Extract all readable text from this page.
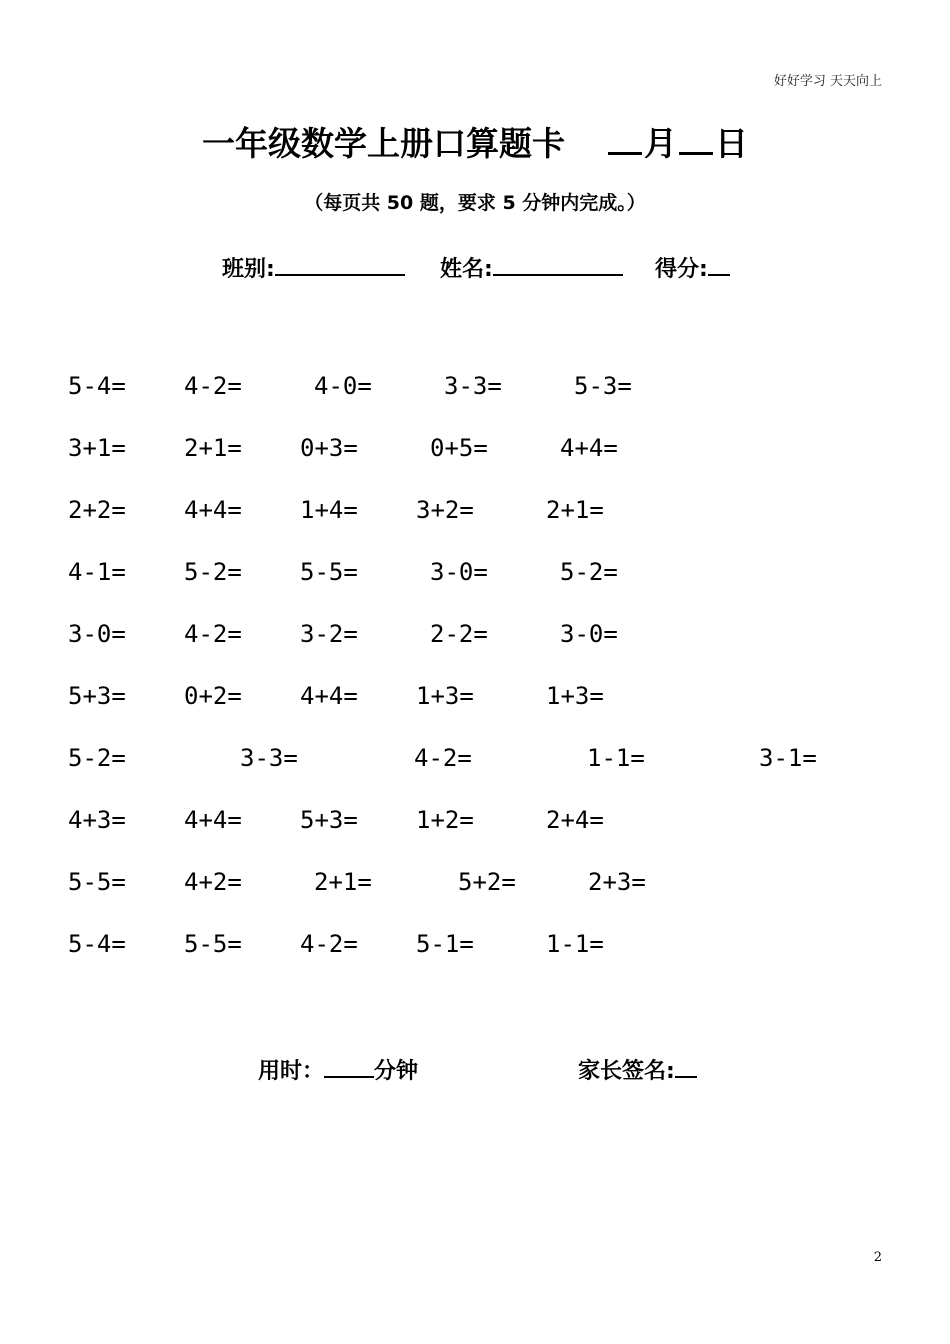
好好学习 天天向上
一年级数学上册口算题卡 月 日
（每页共 50 题，要求 5 分钟内完成。）
班别:	姓名:	得分:
5-4= 4-2=	4-0=	3-3=	5-3=
3+1= 2+1= 0+3=	0+5=	4+4=
2+2= 4+4= 1+4= 3+2=	2+1=
4-1= 5-2= 5-5=	3-0=	5-2=
3-0= 4-2= 3-2=	2-2=	3-0=
5+3= 0+2= 4+4= 1+3=	1+3=
5-2=	3-3=	4-2=	1-1=	3-1=
4+3= 4+4= 5+3= 1+2=	2+4=
5-5= 4+2=	2+1=	5+2=	2+3=
5-4= 5-5= 4-2= 5-1=	1-1=
用时： 分钟	家长签名:
2
